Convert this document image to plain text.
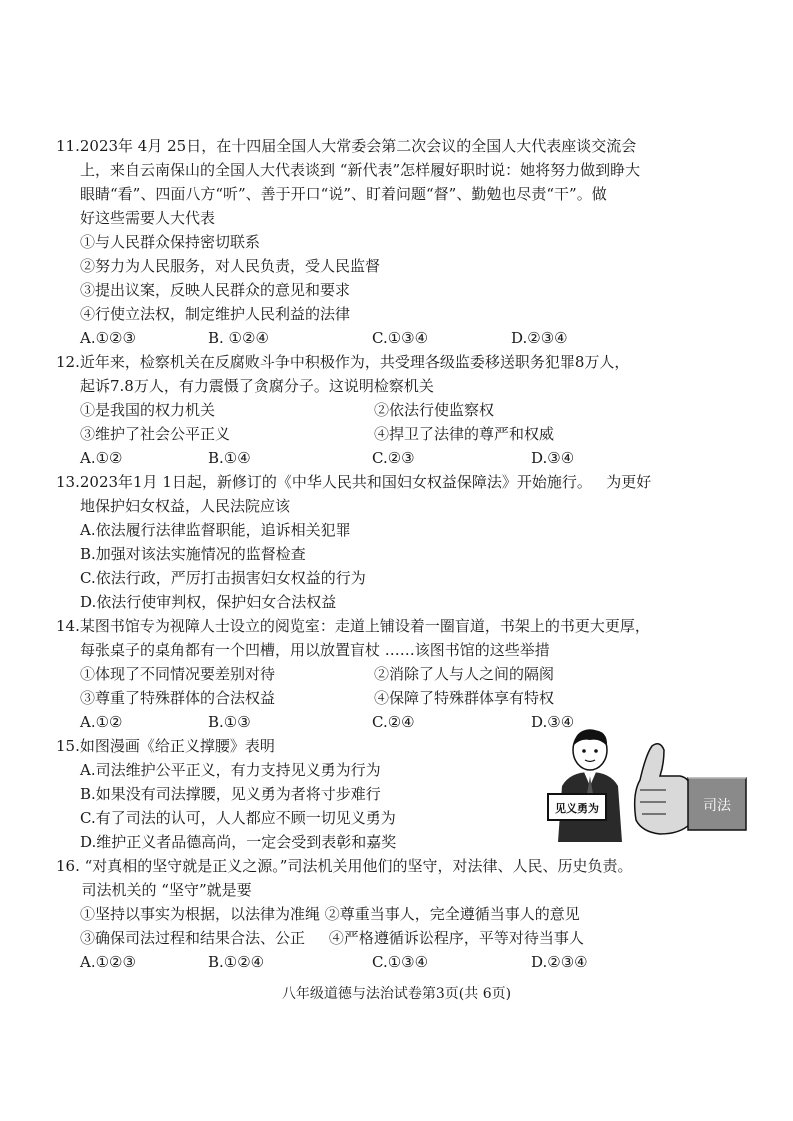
11.2023年 4月 25日，在十四届全国人大常委会第二次会议的全国人大代表座谈交流会
上，来自云南保山的全国人大代表谈到 “新代表”怎样履好职时说：她将努力做到睁大
眼睛“看”、四面八方“听”、善于开口“说”、盯着问题“督”、勤勉也尽责“干”。做
好这些需要人大代表
①与人民群众保持密切联系
②努力为人民服务，对人民负责，受人民监督
③提出议案，反映人民群众的意见和要求
④行使立法权，制定维护人民利益的法律
A.①②③	B. ①②④	C.①③④	D.②③④
12.近年来，检察机关在反腐败斗争中积极作为，共受理各级监委移送职务犯罪8万人，
起诉7.8万人，有力震慑了贪腐分子。这说明检察机关
①是我国的权力机关	②依法行使监察权
③维护了社会公平正义	④捍卫了法律的尊严和权威
A.①②	B.①④	C.②③	D.③④
13.2023年1月 1日起，新修订的《中华人民共和国妇女权益保障法》开始施行。   为更好
地保护妇女权益，人民法院应该
A.依法履行法律监督职能，追诉相关犯罪
B.加强对该法实施情况的监督检查
C.依法行政，严厉打击损害妇女权益的行为
D.依法行使审判权，保护妇女合法权益
14.某图书馆专为视障人士设立的阅览室：走道上铺设着一圈盲道，书架上的书更大更厚，
每张桌子的桌角都有一个凹槽，用以放置盲杖 ……该图书馆的这些举措
①体现了不同情况要差别对待	②消除了人与人之间的隔阂
③尊重了特殊群体的合法权益	④保障了特殊群体享有特权
A.①②	B.①③	C.②④	D.③④
15.如图漫画《给正义撑腰》表明
A.司法维护公平正义，有力支持见义勇为行为
B.如果没有司法撑腰，见义勇为者将寸步难行
C.有了司法的认可，人人都应不顾一切见义勇为
D.维护正义者品德高尚，一定会受到表彰和嘉奖
见义勇为	司法
16. “对真相的坚守就是正义之源。”司法机关用他们的坚守，对法律、人民、历史负责。
司法机关的 “坚守”就是要
①坚持以事实为根据，以法律为准绳 ②尊重当事人，完全遵循当事人的意见
③确保司法过程和结果合法、公正     ④严格遵循诉讼程序，平等对待当事人
A.①②③	B.①②④	C.①③④	D.②③④
八年级道德与法治试卷第3页(共 6页)
